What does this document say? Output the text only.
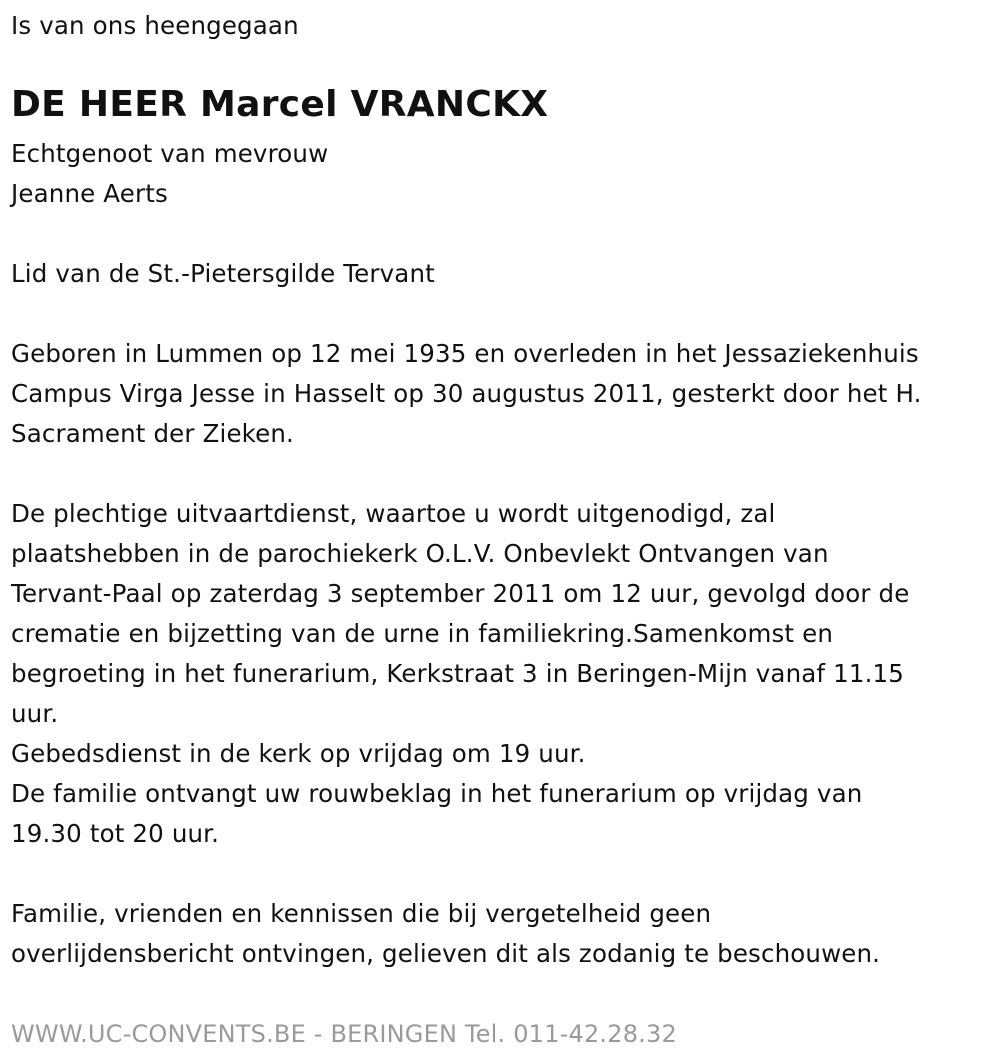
Is van ons heengegaan
DE HEER Marcel VRANCKX
Echtgenoot van mevrouw
Jeanne Aerts
Lid van de St.-Pietersgilde Tervant
Geboren in Lummen op 12 mei 1935 en overleden in het Jessaziekenhuis
Campus Virga Jesse in Hasselt op 30 augustus 2011, gesterkt door het H.
Sacrament der Zieken.
De plechtige uitvaartdienst, waartoe u wordt uitgenodigd, zal
plaatshebben in de parochiekerk O.L.V. Onbevlekt Ontvangen van
Tervant-Paal op zaterdag 3 september 2011 om 12 uur, gevolgd door de
crematie en bijzetting van de urne in familiekring.Samenkomst en
begroeting in het funerarium, Kerkstraat 3 in Beringen-Mijn vanaf 11.15
uur.
Gebedsdienst in de kerk op vrijdag om 19 uur.
De familie ontvangt uw rouwbeklag in het funerarium op vrijdag van
19.30 tot 20 uur.
Familie, vrienden en kennissen die bij vergetelheid geen
overlijdensbericht ontvingen, gelieven dit als zodanig te beschouwen.
WWW.UC-CONVENTS.BE - BERINGEN Tel. 011-42.28.32
